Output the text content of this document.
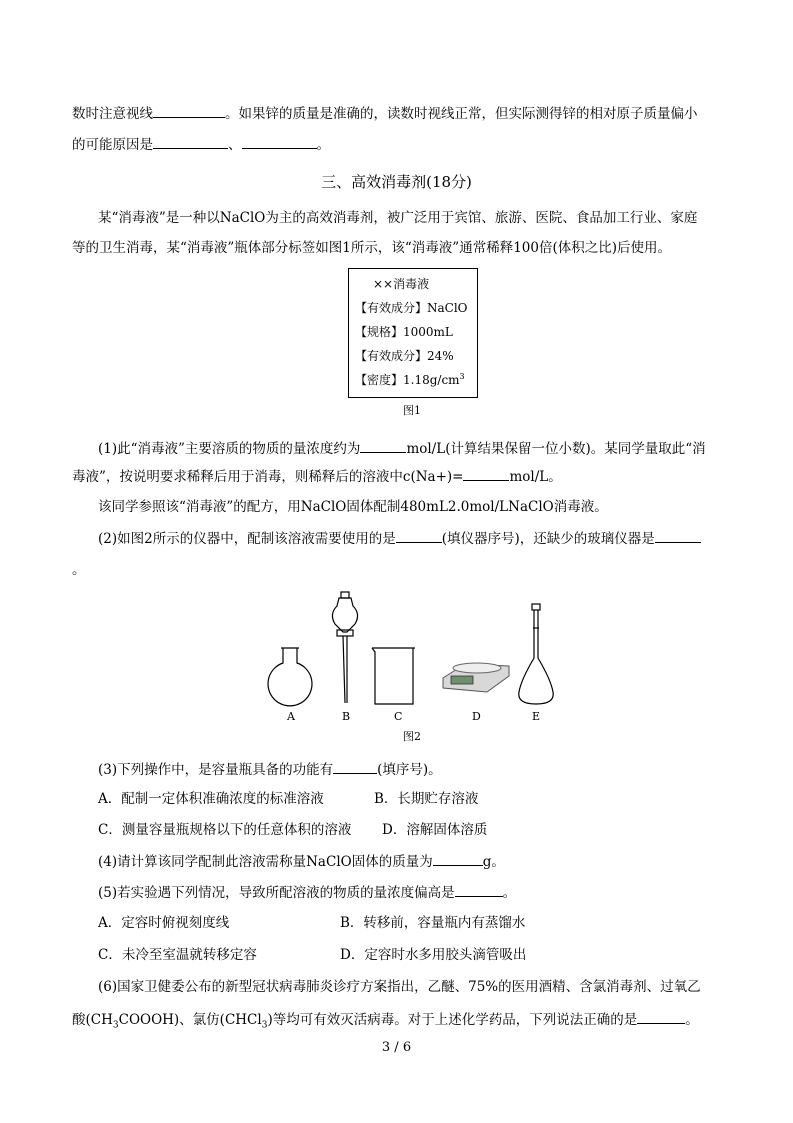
数时注意视线	。如果锌的质量是准确的，读数时视线正常，但实际测得锌的相对原子质量偏小
的可能原因是	、	。
三、高效消毒剂(18分)
某“消毒液”是一种以NaClO为主的高效消毒剂，被广泛用于宾馆、旅游、医院、食品加工行业、家庭
等的卫生消毒，某“消毒液”瓶体部分标签如图1所示，该“消毒液”通常稀释100倍(体积之比)后使用。
××消毒液
【有效成分】NaClO
【规格】1000mL
【有效成分】24%
【密度】$1.18g/cm^3$
图1
(1)此“消毒液”主要溶质的物质的量浓度约为	mol/L(计算结果保留一位小数)。某同学量取此“消
毒液”，按说明要求稀释后用于消毒，则稀释后的溶液中c(Na+)=	mol/L。
该同学参照该“消毒液”的配方，用NaClO固体配制480mL2.0mol/LNaClO消毒液。
(2)如图2所示的仪器中，配制该溶液需要使用的是	(填仪器序号)，还缺少的玻璃仪器是
。
A	B	C	D	E
图2
(3)下列操作中，是容量瓶具备的功能有	(填序号)。
A．配制一定体积准确浓度的标准溶液	B．长期贮存溶液
C．测量容量瓶规格以下的任意体积的溶液 D．溶解固体溶质
(4)请计算该同学配制此溶液需称量NaClO固体的质量为	g。
(5)若实验遇下列情况，导致所配溶液的物质的量浓度偏高是	。
A．定容时俯视刻度线	B．转移前，容量瓶内有蒸馏水
C．未冷至室温就转移定容	D．定容时水多用胶头滴管吸出
(6)国家卫健委公布的新型冠状病毒肺炎诊疗方案指出，乙醚、75%的医用酒精、含氯消毒剂、过氧乙
酸$(CH_3COOOH)$、氯仿(CHCl$_3$)等均可有效灭活病毒。对于上述化学药品，下列说法正确的是	。
3 / 6
